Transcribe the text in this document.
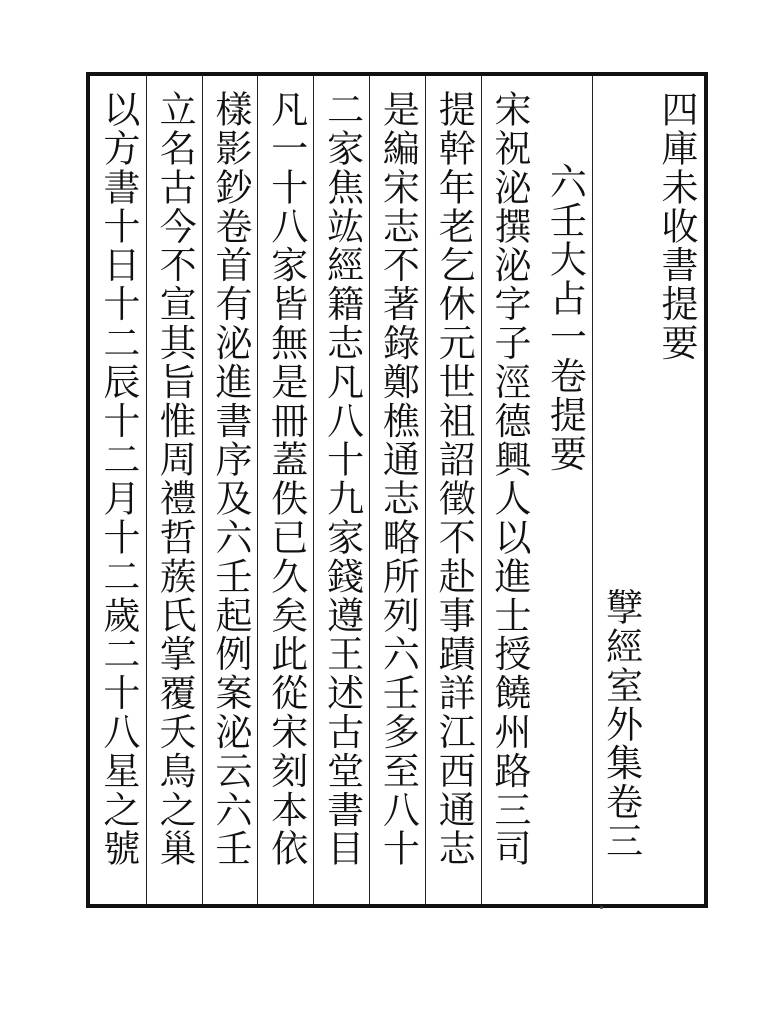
四庫未收書提要
孼經室外集卷三
六壬大占一卷提要
宋祝泌撰泌字子涇德興人以進士授饒州路三司
提幹年老乞休元世祖詔徵不赴事蹟詳江西通志
是編宋志不著錄鄭樵通志略所列六壬多至八十
二家焦竑經籍志凡八十九家錢遵王述古堂書目
凡一十八家皆無是冊蓋佚已久矣此從宋刻本依
樣影鈔卷首有泌進書序及六壬起例案泌云六壬
立名古今不宣其旨惟周禮哲蔟氏掌覆夭鳥之巢
以方書十日十二辰十二月十二歲二十八星之號
